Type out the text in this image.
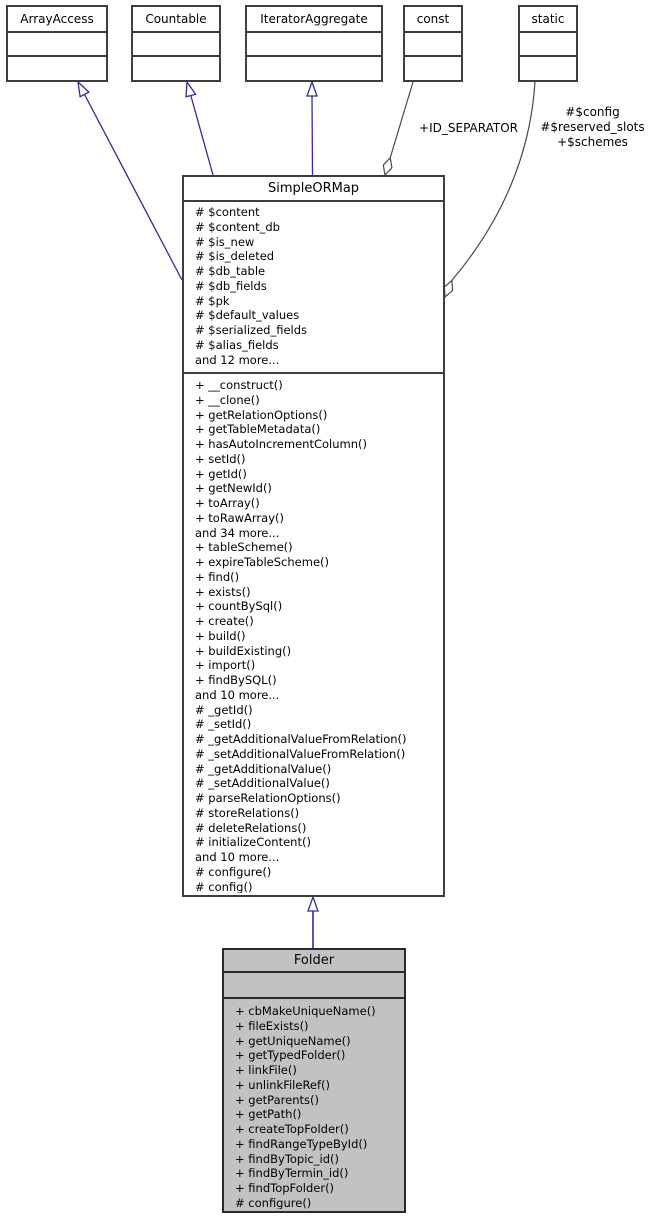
ArrayAccess	Countable	IteratorAggregate	const	static
+ID_SEPARATOR
#$config
#$reserved_slots
+$schemes
SimpleORMap
# $content
# $content_db
# $is_new
# $is_deleted
# $db_table
# $db_fields
# $pk
# $default_values
# $serialized_fields
# $alias_fields
and 12 more...
+ __construct()
+ __clone()
+ getRelationOptions()
+ getTableMetadata()
+ hasAutoIncrementColumn()
+ setId()
+ getId()
+ getNewId()
+ toArray()
+ toRawArray()
and 34 more...
+ tableScheme()
+ expireTableScheme()
+ find()
+ exists()
+ countBySql()
+ create()
+ build()
+ buildExisting()
+ import()
+ findBySQL()
and 10 more...
# _getId()
# _setId()
# _getAdditionalValueFromRelation()
# _setAdditionalValueFromRelation()
# _getAdditionalValue()
# _setAdditionalValue()
# parseRelationOptions()
# storeRelations()
# deleteRelations()
# initializeContent()
and 10 more...
# configure()
# config()
Folder
+ cbMakeUniqueName()
+ fileExists()
+ getUniqueName()
+ getTypedFolder()
+ linkFile()
+ unlinkFileRef()
+ getParents()
+ getPath()
+ createTopFolder()
+ findRangeTypeById()
+ findByTopic_id()
+ findByTermin_id()
+ findTopFolder()
# configure()
